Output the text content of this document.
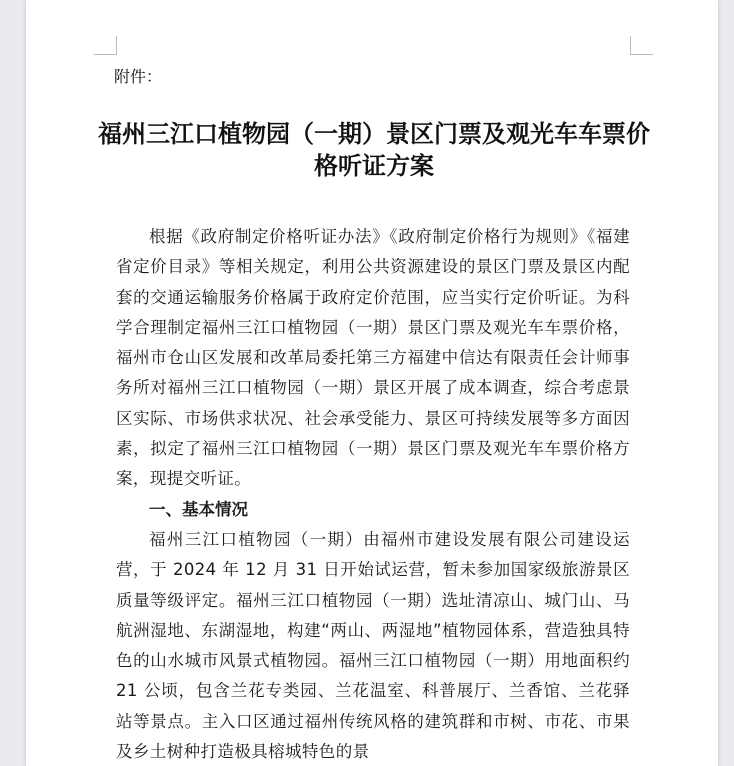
附件：

福州三江口植物园（一期）景区门票及观光车车票价格听证方案

根据《政府制定价格听证办法》《政府制定价格行为规则》《福建省定价目录》等相关规定，利用公共资源建设的景区门票及景区内配套的交通运输服务价格属于政府定价范围，应当实行定价听证。为科学合理制定福州三江口植物园（一期）景区门票及观光车车票价格，福州市仓山区发展和改革局委托第三方福建中信达有限责任会计师事务所对福州三江口植物园（一期）景区开展了成本调查，综合考虑景区实际、市场供求状况、社会承受能力、景区可持续发展等多方面因素，拟定了福州三江口植物园（一期）景区门票及观光车车票价格方案，现提交听证。

一、基本情况

福州三江口植物园（一期）由福州市建设发展有限公司建设运营，于 2024 年 12 月 31 日开始试运营，暂未参加国家级旅游景区质量等级评定。福州三江口植物园（一期）选址清凉山、城门山、马航洲湿地、东湖湿地，构建“两山、两湿地”植物园体系，营造独具特色的山水城市风景式植物园。福州三江口植物园（一期）用地面积约 21 公顷，包含兰花专类园、兰花温室、科普展厅、兰香馆、兰花驿站等景点。主入口区通过福州传统风格的建筑群和市树、市花、市果及乡土树种打造极具榕城特色的景
